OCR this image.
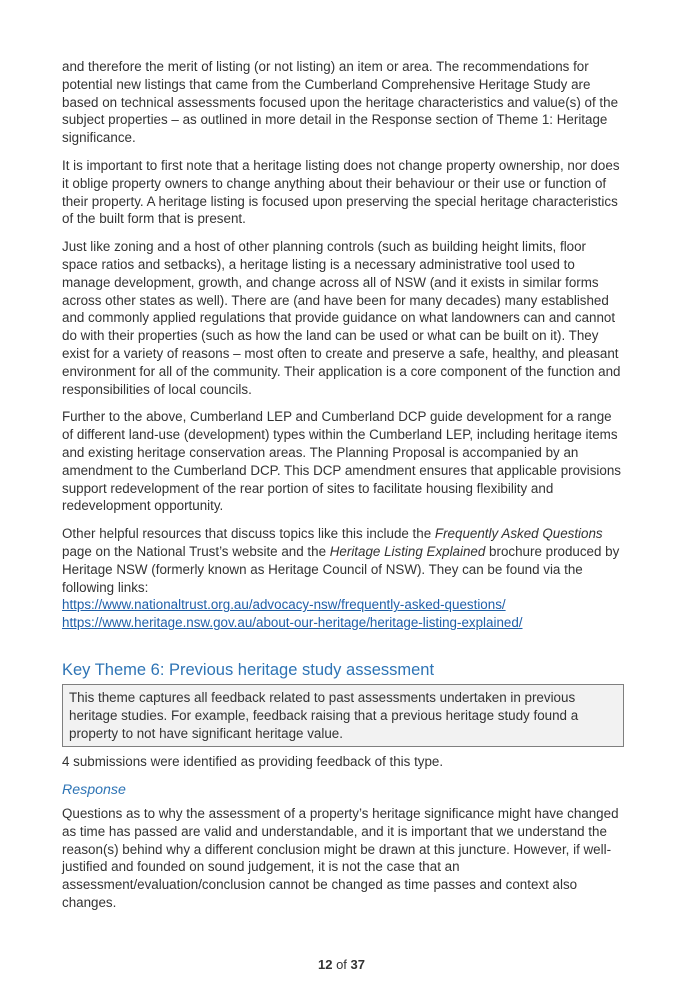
and therefore the merit of listing (or not listing) an item or area. The recommendations for potential new listings that came from the Cumberland Comprehensive Heritage Study are based on technical assessments focused upon the heritage characteristics and value(s) of the subject properties – as outlined in more detail in the Response section of Theme 1: Heritage significance.

It is important to first note that a heritage listing does not change property ownership, nor does it oblige property owners to change anything about their behaviour or their use or function of their property. A heritage listing is focused upon preserving the special heritage characteristics of the built form that is present.

Just like zoning and a host of other planning controls (such as building height limits, floor space ratios and setbacks), a heritage listing is a necessary administrative tool used to manage development, growth, and change across all of NSW (and it exists in similar forms across other states as well). There are (and have been for many decades) many established and commonly applied regulations that provide guidance on what landowners can and cannot do with their properties (such as how the land can be used or what can be built on it). They exist for a variety of reasons – most often to create and preserve a safe, healthy, and pleasant environment for all of the community. Their application is a core component of the function and responsibilities of local councils.

Further to the above, Cumberland LEP and Cumberland DCP guide development for a range of different land-use (development) types within the Cumberland LEP, including heritage items and existing heritage conservation areas. The Planning Proposal is accompanied by an amendment to the Cumberland DCP. This DCP amendment ensures that applicable provisions support redevelopment of the rear portion of sites to facilitate housing flexibility and redevelopment opportunity.

Other helpful resources that discuss topics like this include the Frequently Asked Questions page on the National Trust’s website and the Heritage Listing Explained brochure produced by Heritage NSW (formerly known as Heritage Council of NSW). They can be found via the following links:
https://www.nationaltrust.org.au/advocacy-nsw/frequently-asked-questions/
https://www.heritage.nsw.gov.au/about-our-heritage/heritage-listing-explained/

Key Theme 6: Previous heritage study assessment

This theme captures all feedback related to past assessments undertaken in previous heritage studies. For example, feedback raising that a previous heritage study found a property to not have significant heritage value.

4 submissions were identified as providing feedback of this type.

Response

Questions as to why the assessment of a property’s heritage significance might have changed as time has passed are valid and understandable, and it is important that we understand the reason(s) behind why a different conclusion might be drawn at this juncture. However, if well-justified and founded on sound judgement, it is not the case that an assessment/evaluation/conclusion cannot be changed as time passes and context also changes.

12 of 37
